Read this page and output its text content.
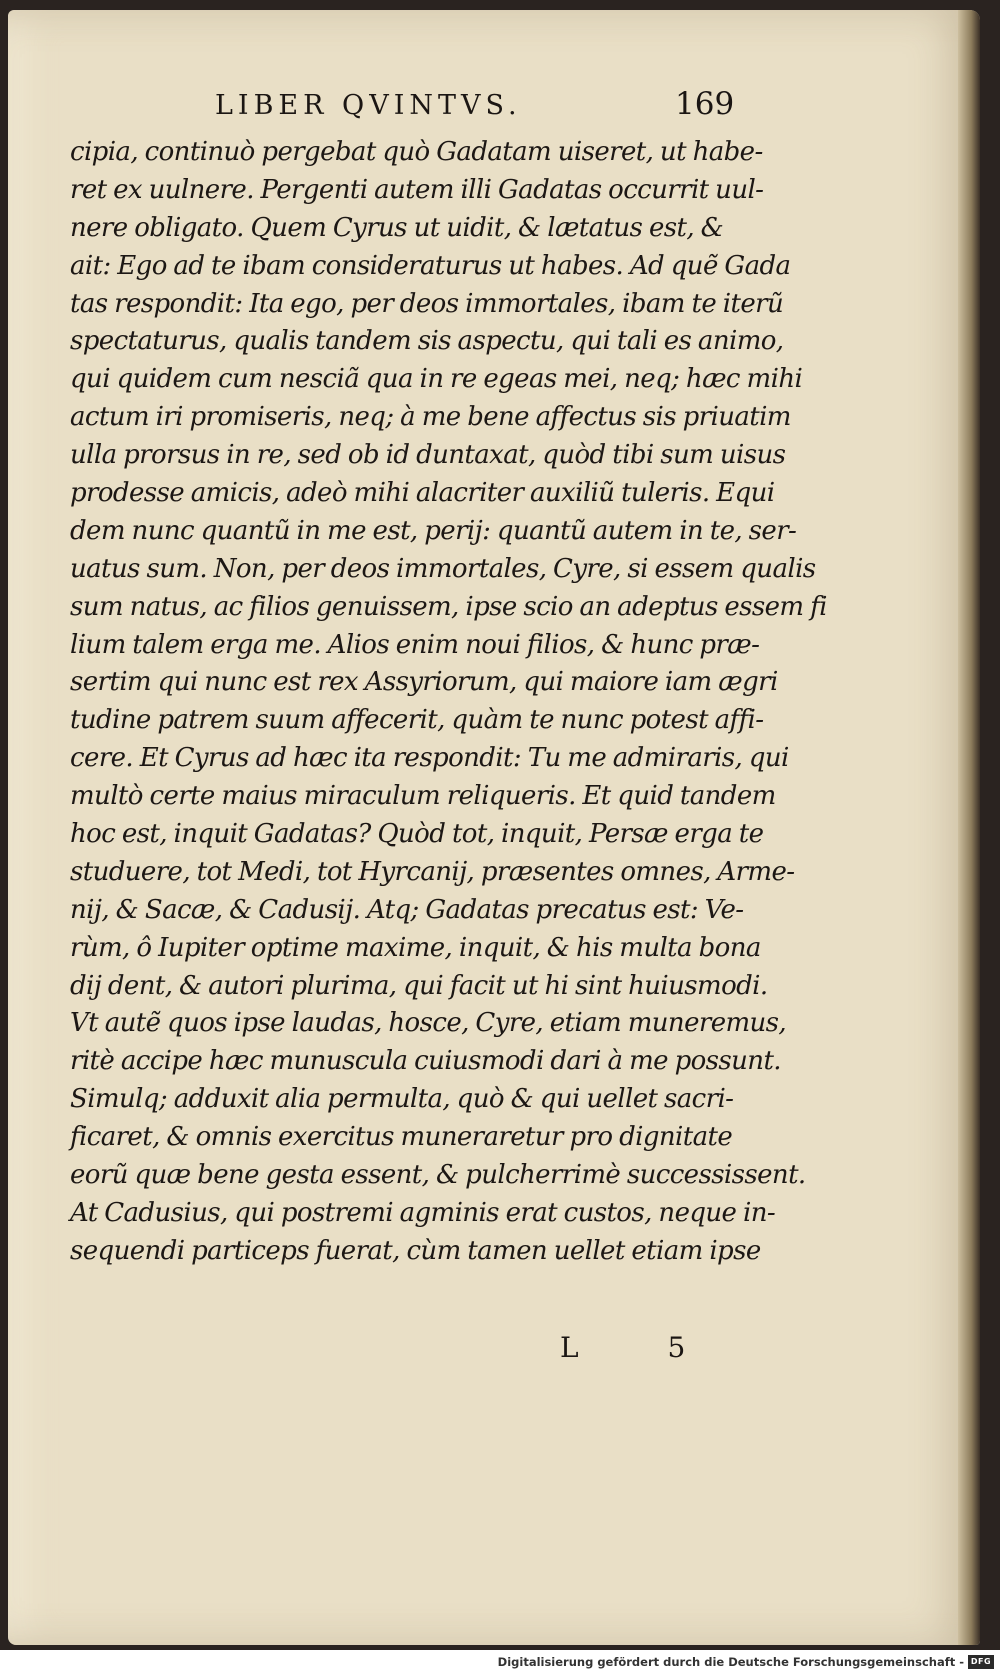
LIBER QVINTVS.	169
cipia, continuò pergebat quò Gadatam uiseret, ut habe-
ret ex uulnere. Pergenti autem illi Gadatas occurrit uul-
nere obligato. Quem Cyrus ut uidit, & lætatus est, &
ait: Ego ad te ibam consideraturus ut habes. Ad quẽ Gada
tas respondit: Ita ego, per deos immortales, ibam te iterũ
spectaturus, qualis tandem sis aspectu, qui tali es animo,
qui quidem cum nesciã qua in re egeas mei, neq; hæc mihi
actum iri promiseris, neq; à me bene affectus sis priuatim
ulla prorsus in re, sed ob id duntaxat, quòd tibi sum uisus
prodesse amicis, adeò mihi alacriter auxiliũ tuleris. Equi
dem nunc quantũ in me est, perij: quantũ autem in te, ser-
uatus sum. Non, per deos immortales, Cyre, si essem qualis
sum natus, ac filios genuissem, ipse scio an adeptus essem fi
lium talem erga me. Alios enim noui filios, & hunc præ-
sertim qui nunc est rex Assyriorum, qui maiore iam ægri
tudine patrem suum affecerit, quàm te nunc potest affi-
cere. Et Cyrus ad hæc ita respondit: Tu me admiraris, qui
multò certe maius miraculum reliqueris. Et quid tandem
hoc est, inquit Gadatas? Quòd tot, inquit, Persæ erga te
studuere, tot Medi, tot Hyrcanij, præsentes omnes, Arme-
nij, & Sacæ, & Cadusij. Atq; Gadatas precatus est: Ve-
rùm, ô Iupiter optime maxime, inquit, & his multa bona
dij dent, & autori plurima, qui facit ut hi sint huiusmodi.
Vt autẽ quos ipse laudas, hosce, Cyre, etiam muneremus,
ritè accipe hæc munuscula cuiusmodi dari à me possunt.
Simulq; adduxit alia permulta, quò & qui uellet sacri-
ficaret, & omnis exercitus muneraretur pro dignitate
eorũ quæ bene gesta essent, & pulcherrimè successissent.
At Cadusius, qui postremi agminis erat custos, neque in-
sequendi particeps fuerat, cùm tamen uellet etiam ipse
L 5
Digitalisierung gefördert durch die Deutsche Forschungsgemeinschaft - DFG
